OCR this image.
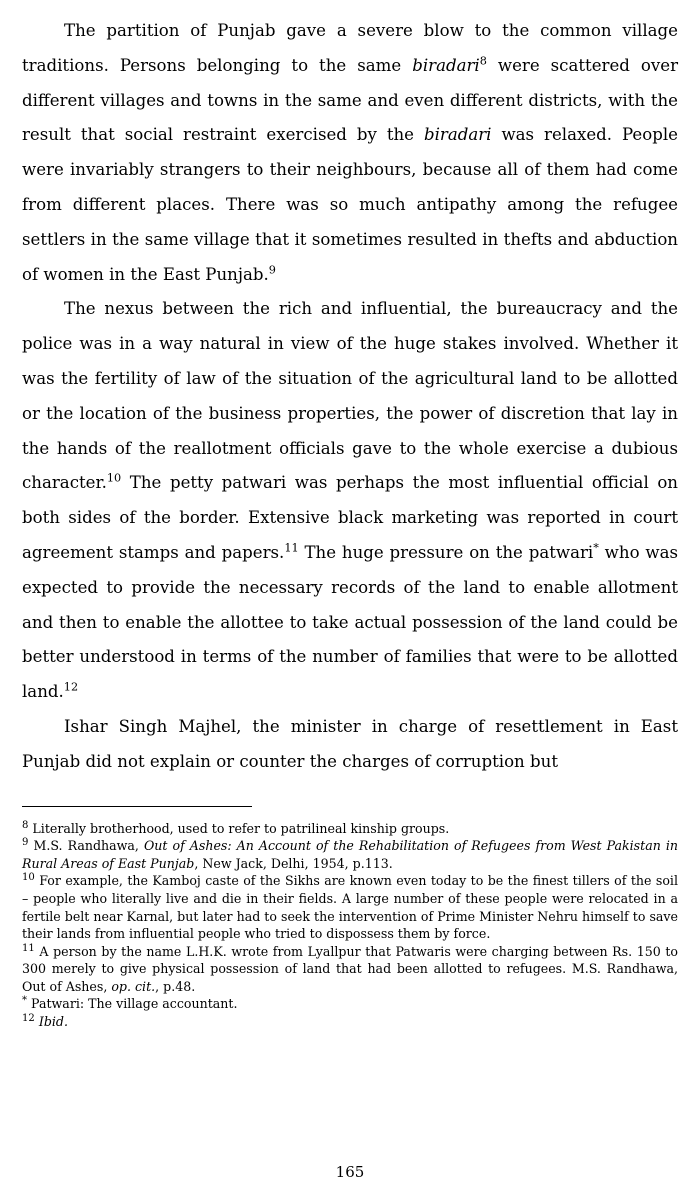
The partition of Punjab gave a severe blow to the common village traditions. Persons belonging to the same biradari$^8$ were scattered over different villages and towns in the same and even different districts, with the result that social restraint exercised by the biradari was relaxed. People were invariably strangers to their neighbours, because all of them had come from different places. There was so much antipathy among the refugee settlers in the same village that it sometimes resulted in thefts and abduction of women in the East Punjab.$^9$

The nexus between the rich and influential, the bureaucracy and the police was in a way natural in view of the huge stakes involved. Whether it was the fertility of law of the situation of the agricultural land to be allotted or the location of the business properties, the power of discretion that lay in the hands of the reallotment officials gave to the whole exercise a dubious character.$^{10}$ The petty patwari was perhaps the most influential official on both sides of the border. Extensive black marketing was reported in court agreement stamps and papers.$^{11}$ The huge pressure on the patwari* who was expected to provide the necessary records of the land to enable allotment and then to enable the allottee to take actual possession of the land could be better understood in terms of the number of families that were to be allotted land.$^{12}$

Ishar Singh Majhel, the minister in charge of resettlement in East Punjab did not explain or counter the charges of corruption but

$^8$ Literally brotherhood, used to refer to patrilineal kinship groups.

$^9$ M.S. Randhawa, Out of Ashes: An Account of the Rehabilitation of Refugees from West Pakistan in Rural Areas of East Punjab, New Jack, Delhi, 1954, p.113.

$^{10}$ For example, the Kamboj caste of the Sikhs are known even today to be the finest tillers of the soil – people who literally live and die in their fields. A large number of these people were relocated in a fertile belt near Karnal, but later had to seek the intervention of Prime Minister Nehru himself to save their lands from influential people who tried to dispossess them by force.

$^{11}$ A person by the name L.H.K. wrote from Lyallpur that Patwaris were charging between Rs. 150 to 300 merely to give physical possession of land that had been allotted to refugees. M.S. Randhawa, Out of Ashes, op. cit., p.48.

* Patwari: The village accountant.

$^{12}$ Ibid.

165
